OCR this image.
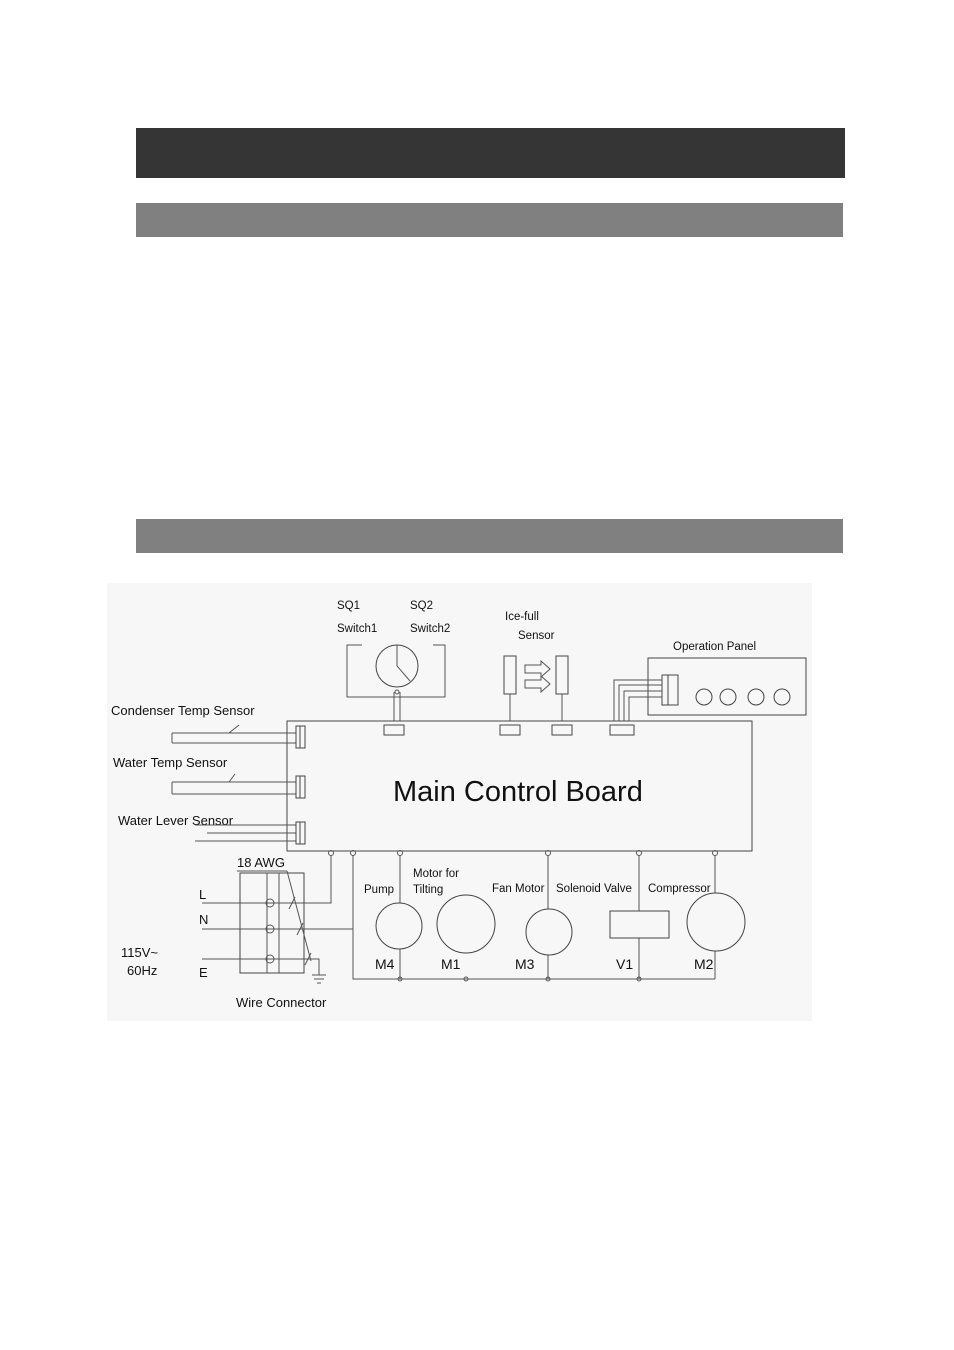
Main Control Board
SQ1	SQ2
Switch1	Switch2
Ice-full
Sensor
Operation Panel
Condenser Temp Sensor
Water Temp Sensor
Water Lever Sensor
18 AWG
L
N
E
115V~
60Hz
Wire Connector
Pump
M4
Motor for
Tilting
M1
Fan Motor
M3
Solenoid Valve
V1
Compressor
M2
